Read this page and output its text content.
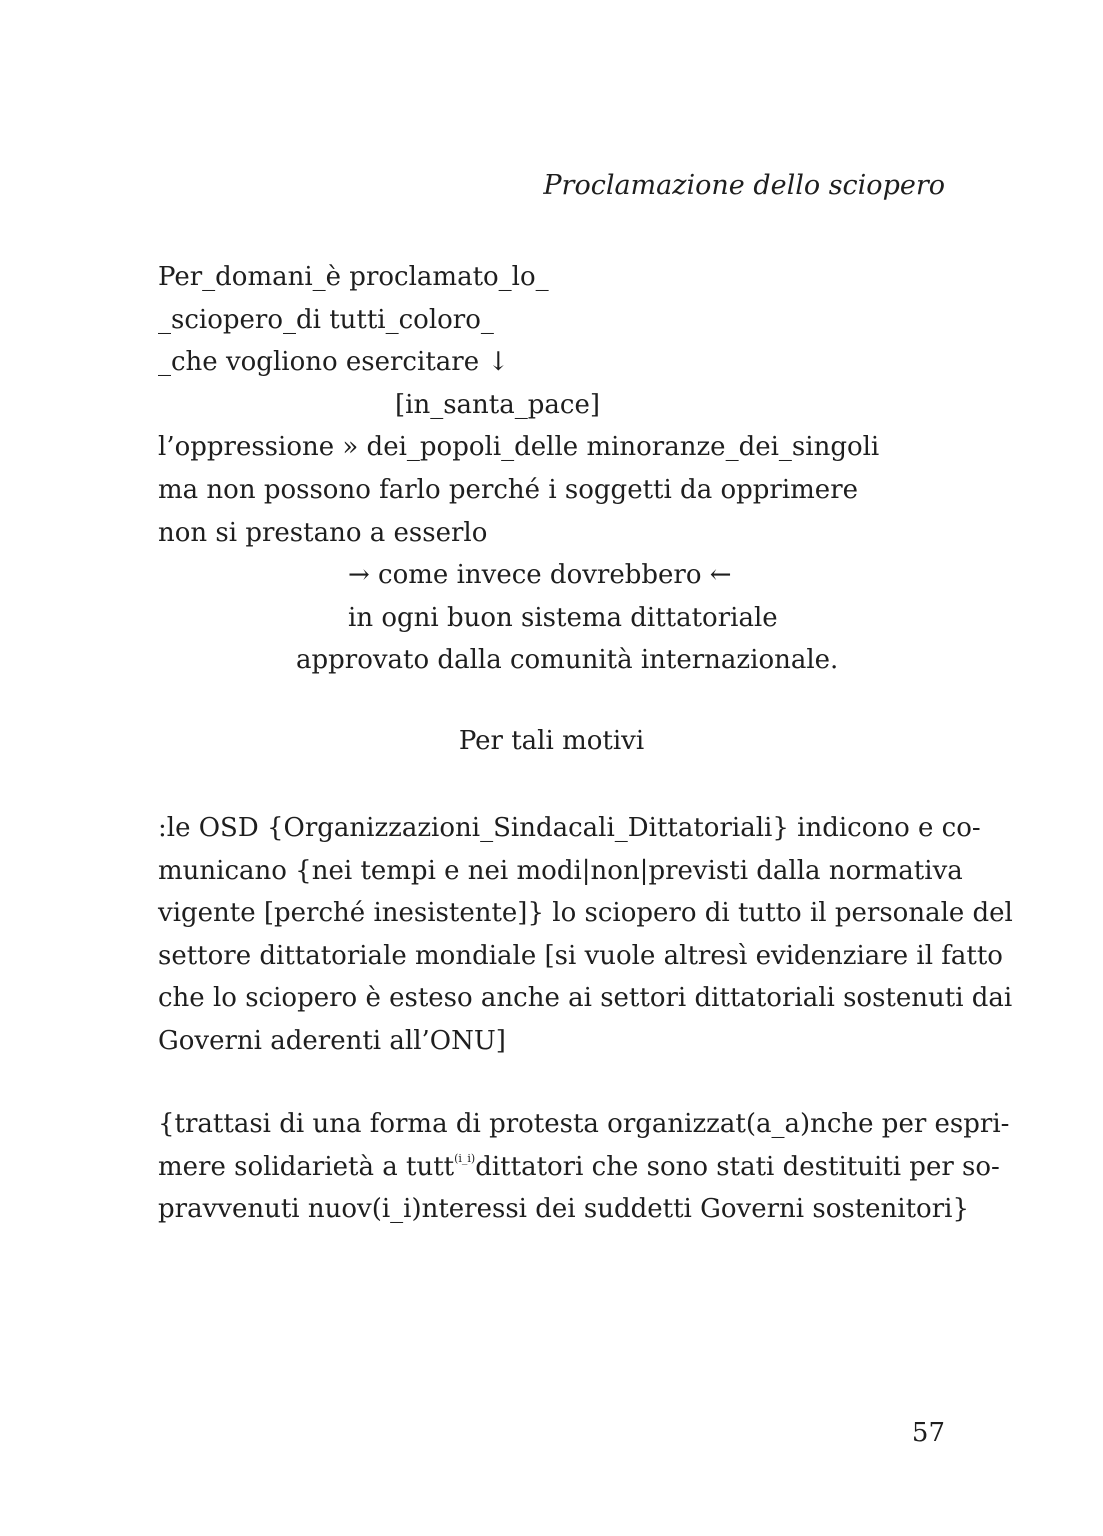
Proclamazione dello sciopero
Per_domani_è proclamato_lo_
_sciopero_di tutti_coloro_
_che vogliono esercitare ↓
[in_santa_pace]
l’oppressione » dei_popoli_delle minoranze_dei_singoli
ma non possono farlo perché i soggetti da opprimere
non si prestano a esserlo
→ come invece dovrebbero ←
in ogni buon sistema dittatoriale
approvato dalla comunità internazionale.
Per tali motivi
:le OSD {Organizzazioni_Sindacali_Dittatoriali} indicono e co-
municano {nei tempi e nei modi|non|previsti dalla normativa
vigente [perché inesistente]} lo sciopero di tutto il personale del
settore dittatoriale mondiale [si vuole altresì evidenziare il fatto
che lo sciopero è esteso anche ai settori dittatoriali sostenuti dai
Governi aderenti all’ONU]
{trattasi di una forma di protesta organizzat(a_a)nche per espri-
mere solidarietà a tutt$^{(i\_i)}$dittatori che sono stati destituiti per so-
pravvenuti nuov(i_i)nteressi dei suddetti Governi sostenitori}
57
